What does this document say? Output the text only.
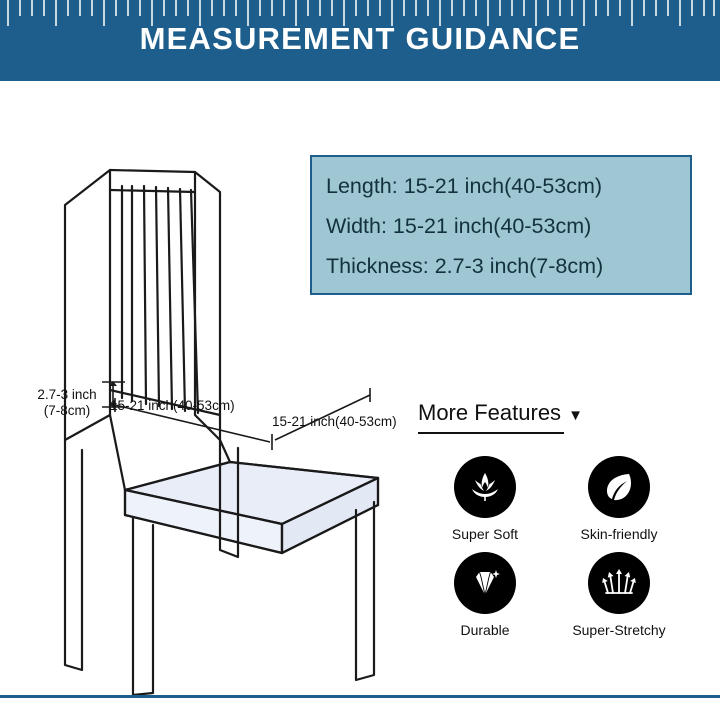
MEASUREMENT GUIDANCE
Length: 15-21 inch(40-53cm)
Width: 15-21 inch(40-53cm)
Thickness: 2.7-3 inch(7-8cm)
2.7-3 inch
(7-8cm)	15-21 inch(40-53cm)
15-21 inch(40-53cm) More Features ▼
Super Soft	Skin-friendly
Durable	Super-Stretchy
